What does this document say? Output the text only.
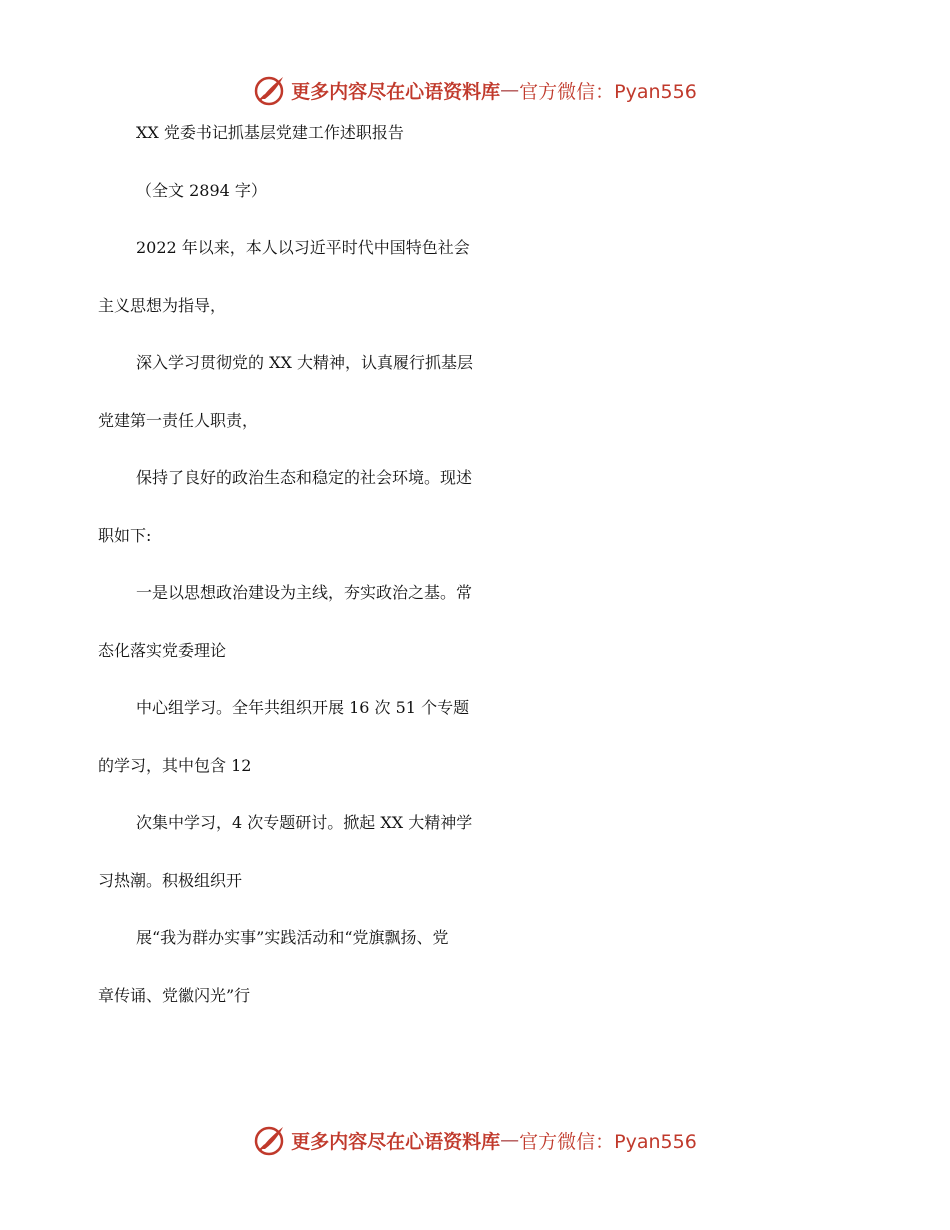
更多内容尽在心语资料库 — 官方微信：Pyan556
XX 党委书记抓基层党建工作述职报告
（全文 2894 字）
2022 年以来，本人以习近平时代中国特色社会
主义思想为指导，
深入学习贯彻党的 XX 大精神，认真履行抓基层
党建第一责任人职责，
保持了良好的政治生态和稳定的社会环境。现述
职如下:
一是以思想政治建设为主线，夯实政治之基。常
态化落实党委理论
中心组学习。全年共组织开展 16 次 51 个专题
的学习，其中包含 12
次集中学习，4 次专题研讨。掀起 XX 大精神学
习热潮。积极组织开
展“我为群办实事”实践活动和“党旗飘扬、党
章传诵、党徽闪光”行
更多内容尽在心语资料库 — 官方微信：Pyan556
